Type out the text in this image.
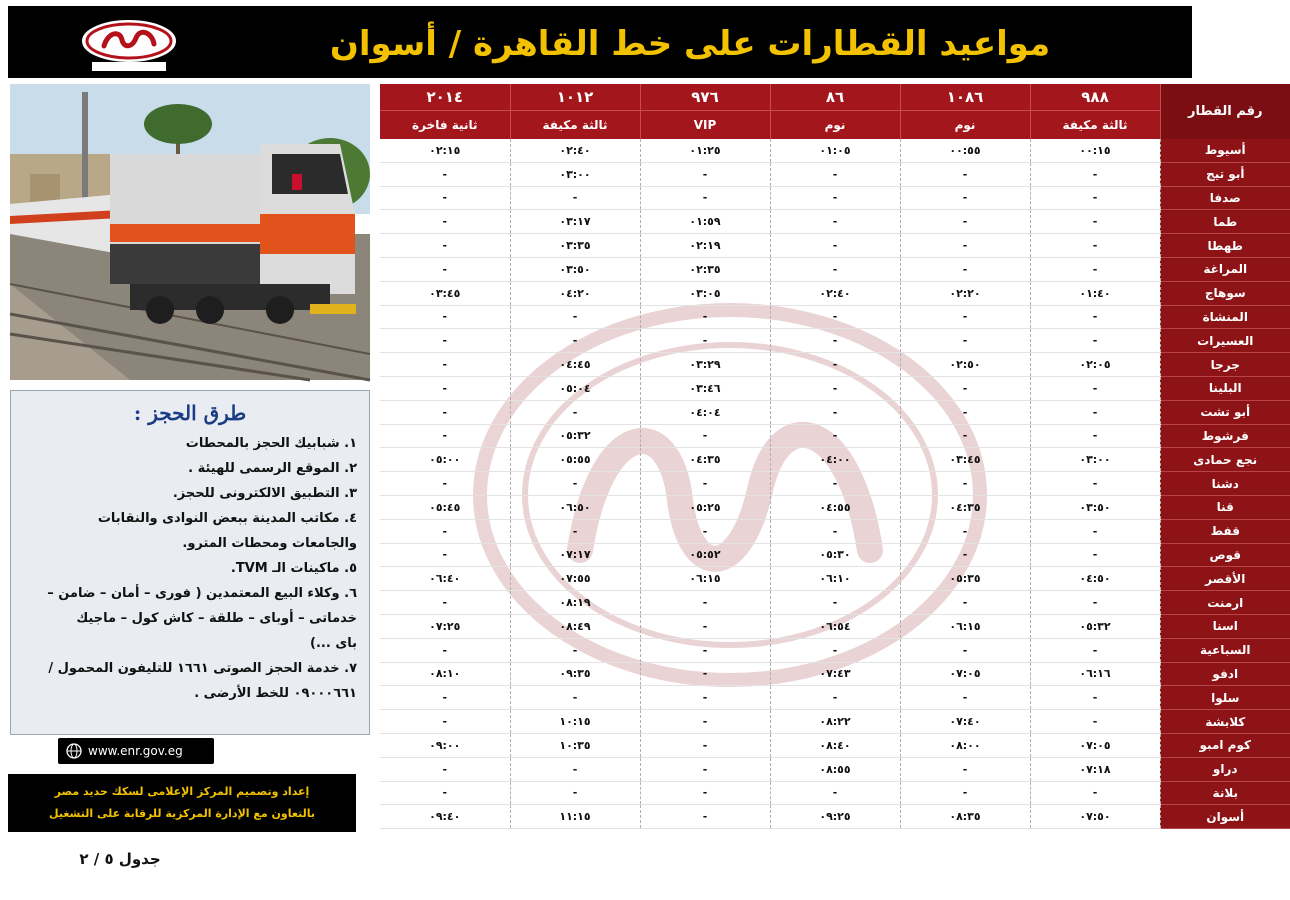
مواعيد القطارات على خط القاهرة / أسوان
طرق الحجز :
١. شبابيك الحجز بالمحطات
٢. الموقع الرسمى للهيئة .
٣. التطبيق الالكترونى للحجز.
٤. مكاتب المدينة ببعض النوادى والنقابات
والجامعات ومحطات المترو.
٥. ماكينات الـ TVM.
٦. وكلاء البيع المعتمدين ( فورى – أمان – ضامن –
خدماتى – أوباى – طلقة – كاش كول – ماجيك
باى ...)
٧. خدمة الحجز الصوتى ١٦٦١ للتليفون المحمول /
٠٩٠٠٠٦٦١ للخط الأرضى .
www.enr.gov.eg
إعداد وتصميم المركز الإعلامى لسكك حديد مصر
بالتعاون مع الإدارة المركزية للرقابة على التشغيل
جدول ٥ / ٢
٢٠١٤	١٠١٢	٩٧٦	٨٦	١٠٨٦	٩٨٨	رقم القطار
ثانية فاخرة	ثالثة مكيفة	VIP	نوم	نوم	ثالثة مكيفة	
٠٢:١٥	٠٢:٤٠	٠١:٢٥	٠١:٠٥	٠٠:٥٥	٠٠:١٥	أسيوط
-	٠٣:٠٠	-	-	-	-	أبو تيج
-	-	-	-	-	-	صدفا
-	٠٣:١٧	٠١:٥٩	-	-	-	طما
-	٠٣:٣٥	٠٢:١٩	-	-	-	طهطا
-	٠٣:٥٠	٠٢:٣٥	-	-	-	المراغة
٠٣:٤٥	٠٤:٢٠	٠٣:٠٥	٠٢:٤٠	٠٢:٢٠	٠١:٤٠	سوهاج
-	-	-	-	-	-	المنشاة
-	-	-	-	-	-	العسيرات
-	٠٤:٤٥	٠٣:٢٩	-	٠٢:٥٠	٠٢:٠٥	جرجا
-	٠٥:٠٤	٠٣:٤٦	-	-	-	البلينا
-	-	٠٤:٠٤	-	-	-	أبو تشت
-	٠٥:٣٢	-	-	-	-	فرشوط
٠٥:٠٠	٠٥:٥٥	٠٤:٣٥	٠٤:٠٠	٠٣:٤٥	٠٣:٠٠	نجع حمادى
-	-	-	-	-	-	دشنا
٠٥:٤٥	٠٦:٥٠	٠٥:٢٥	٠٤:٥٥	٠٤:٣٥	٠٣:٥٠	قنا
-	-	-	-	-	-	قفط
-	٠٧:١٧	٠٥:٥٢	٠٥:٣٠	-	-	قوص
٠٦:٤٠	٠٧:٥٥	٠٦:١٥	٠٦:١٠	٠٥:٣٥	٠٤:٥٠	الأقصر
-	٠٨:١٩	-	-	-	-	ارمنت
٠٧:٢٥	٠٨:٤٩	-	٠٦:٥٤	٠٦:١٥	٠٥:٣٢	اسنا
-	-	-	-	-	-	السباعية
٠٨:١٠	٠٩:٣٥	-	٠٧:٤٣	٠٧:٠٥	٠٦:١٦	ادفو
-	-	-	-	-	-	سلوا
-	١٠:١٥	-	٠٨:٢٢	٠٧:٤٠	-	كلابشة
٠٩:٠٠	١٠:٣٥	-	٠٨:٤٠	٠٨:٠٠	٠٧:٠٥	كوم امبو
-	-	-	٠٨:٥٥	-	٠٧:١٨	دراو
-	-	-	-	-	-	بلانة
٠٩:٤٠	١١:١٥	-	٠٩:٢٥	٠٨:٣٥	٠٧:٥٠	أسوان
